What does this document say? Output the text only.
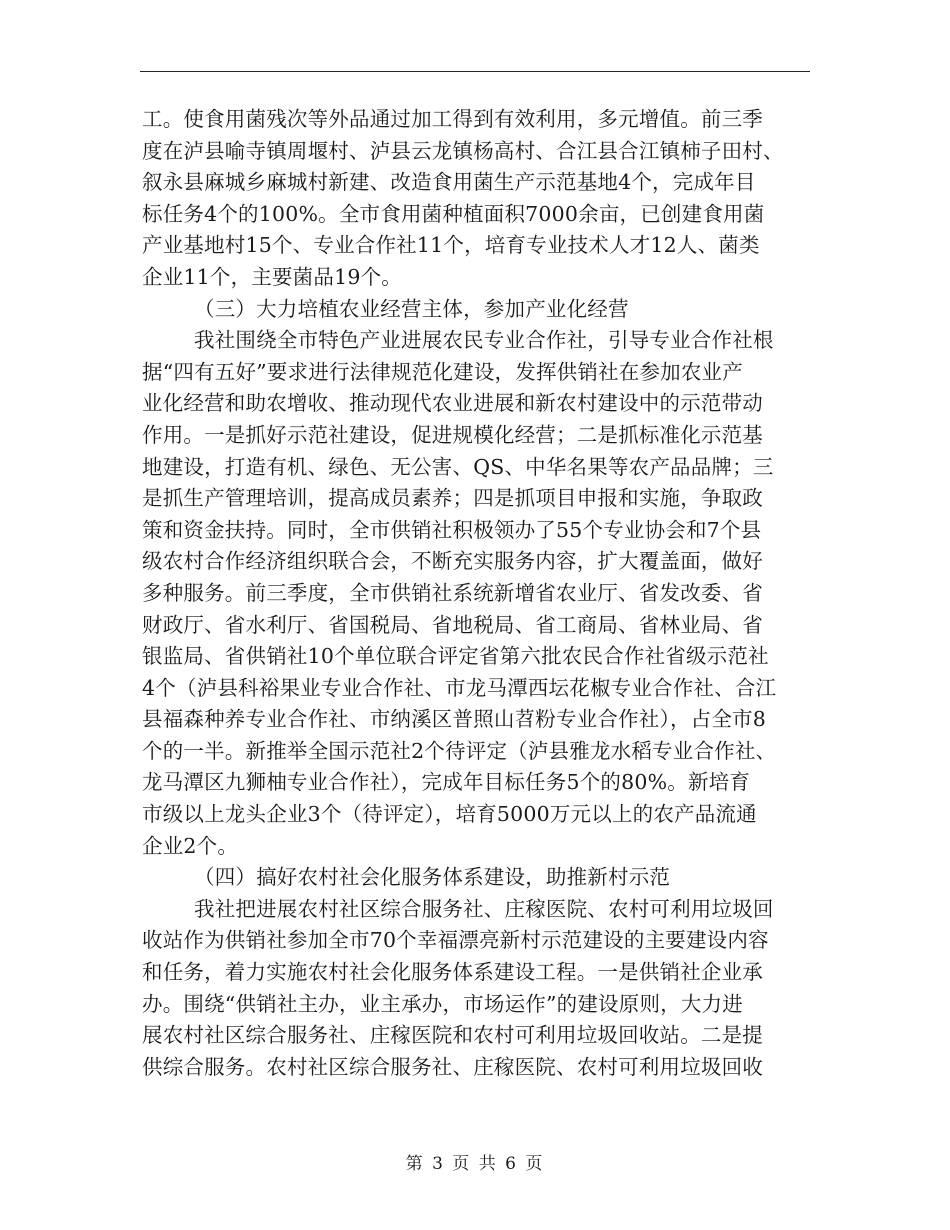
工。使食用菌残次等外品通过加工得到有效利用，多元增值。前三季
度在泸县喻寺镇周堰村、泸县云龙镇杨高村、合江县合江镇柿子田村、
叙永县麻城乡麻城村新建、改造食用菌生产示范基地4个，完成年目
标任务4个的100%。全市食用菌种植面积7000余亩，已创建食用菌
产业基地村15个、专业合作社11个，培育专业技术人才12人、菌类
企业11个，主要菌品19个。
（三）大力培植农业经营主体，参加产业化经营
我社围绕全市特色产业进展农民专业合作社，引导专业合作社根
据“四有五好”要求进行法律规范化建设，发挥供销社在参加农业产
业化经营和助农增收、推动现代农业进展和新农村建设中的示范带动
作用。一是抓好示范社建设，促进规模化经营；二是抓标准化示范基
地建设，打造有机、绿色、无公害、QS、中华名果等农产品品牌；三
是抓生产管理培训，提高成员素养；四是抓项目申报和实施，争取政
策和资金扶持。同时，全市供销社积极领办了55个专业协会和7个县
级农村合作经济组织联合会，不断充实服务内容，扩大覆盖面，做好
多种服务。前三季度，全市供销社系统新增省农业厅、省发改委、省
财政厅、省水利厅、省国税局、省地税局、省工商局、省林业局、省
银监局、省供销社10个单位联合评定省第六批农民合作社省级示范社
4个（泸县科裕果业专业合作社、市龙马潭西坛花椒专业合作社、合江
县福森种养专业合作社、市纳溪区普照山苕粉专业合作社），占全市8
个的一半。新推举全国示范社2个待评定（泸县雅龙水稻专业合作社、
龙马潭区九狮柚专业合作社），完成年目标任务5个的80%。新培育
市级以上龙头企业3个（待评定），培育5000万元以上的农产品流通
企业2个。
（四）搞好农村社会化服务体系建设，助推新村示范
我社把进展农村社区综合服务社、庄稼医院、农村可利用垃圾回
收站作为供销社参加全市70个幸福漂亮新村示范建设的主要建设内容
和任务，着力实施农村社会化服务体系建设工程。一是供销社企业承
办。围绕“供销社主办，业主承办，市场运作”的建设原则，大力进
展农村社区综合服务社、庄稼医院和农村可利用垃圾回收站。二是提
供综合服务。农村社区综合服务社、庄稼医院、农村可利用垃圾回收
第 3 页 共 6 页
